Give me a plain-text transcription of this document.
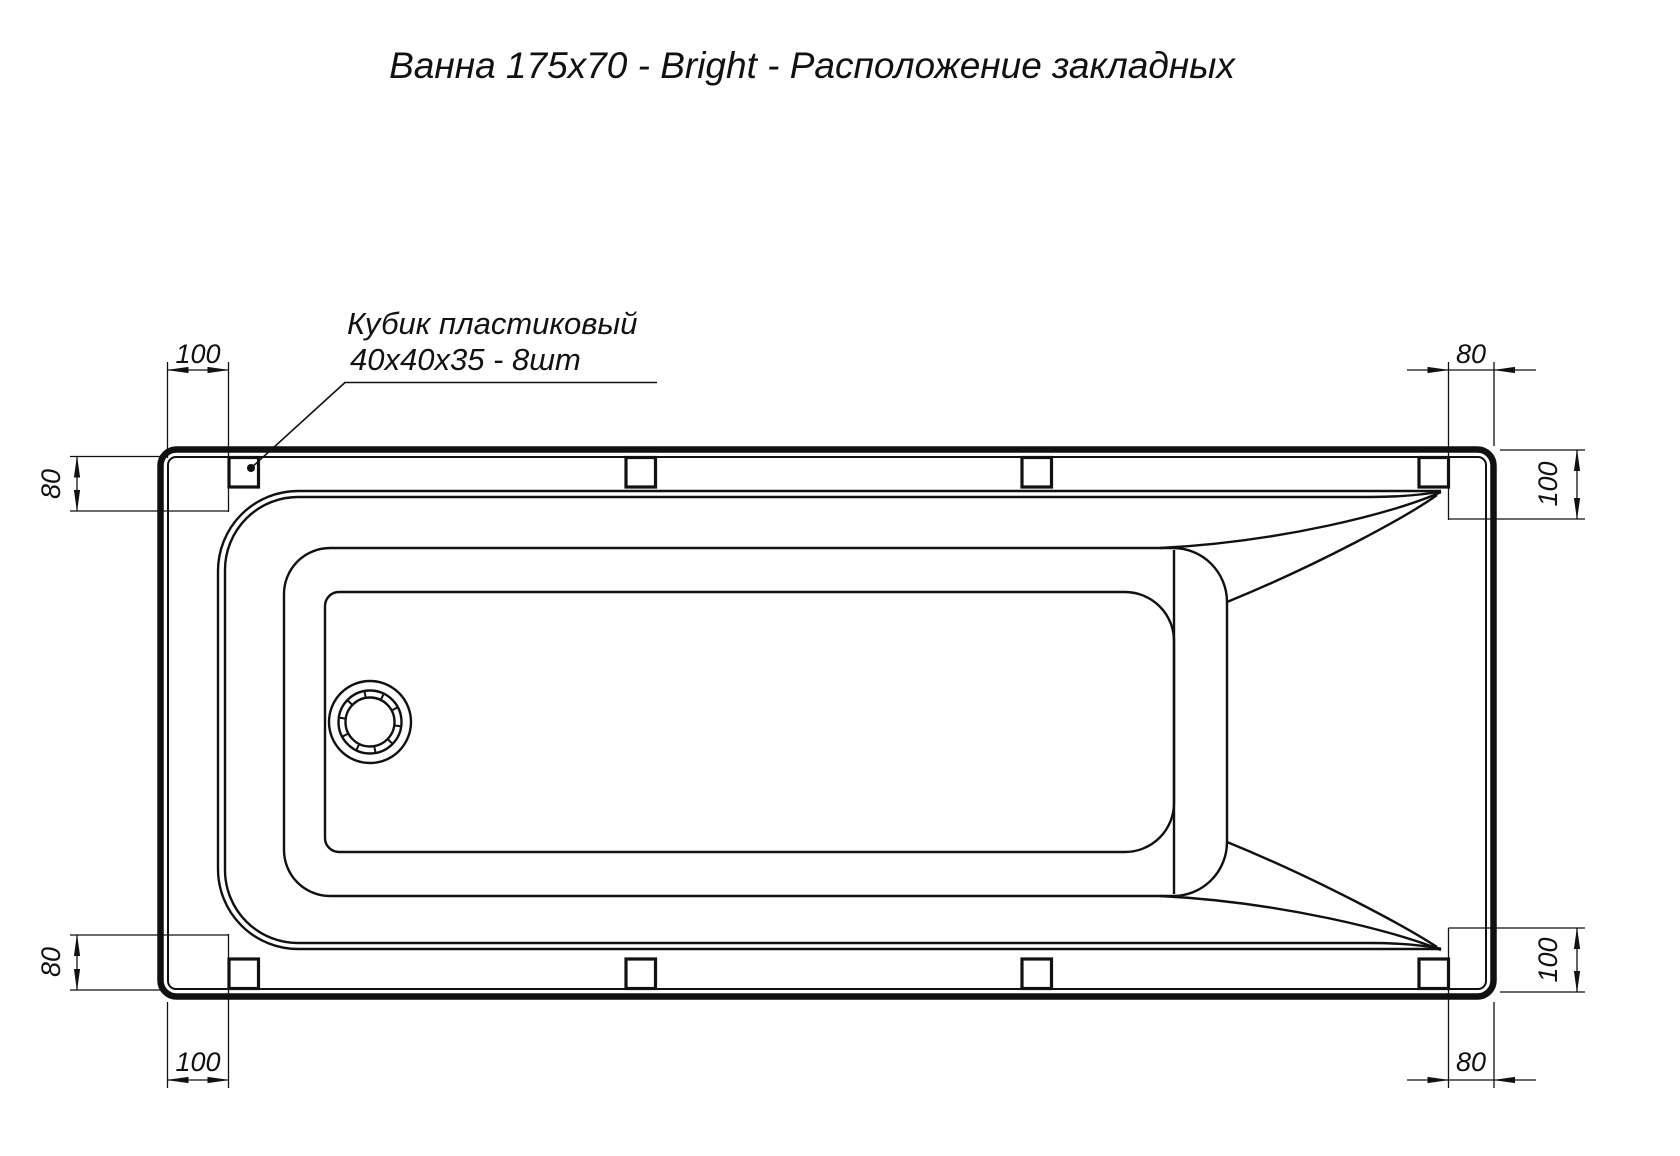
Ванна 175x70 - Bright - Расположение закладных
Кубик пластиковый
40x40x35 - 8шт
100
80
80
100
100
80
80
100
